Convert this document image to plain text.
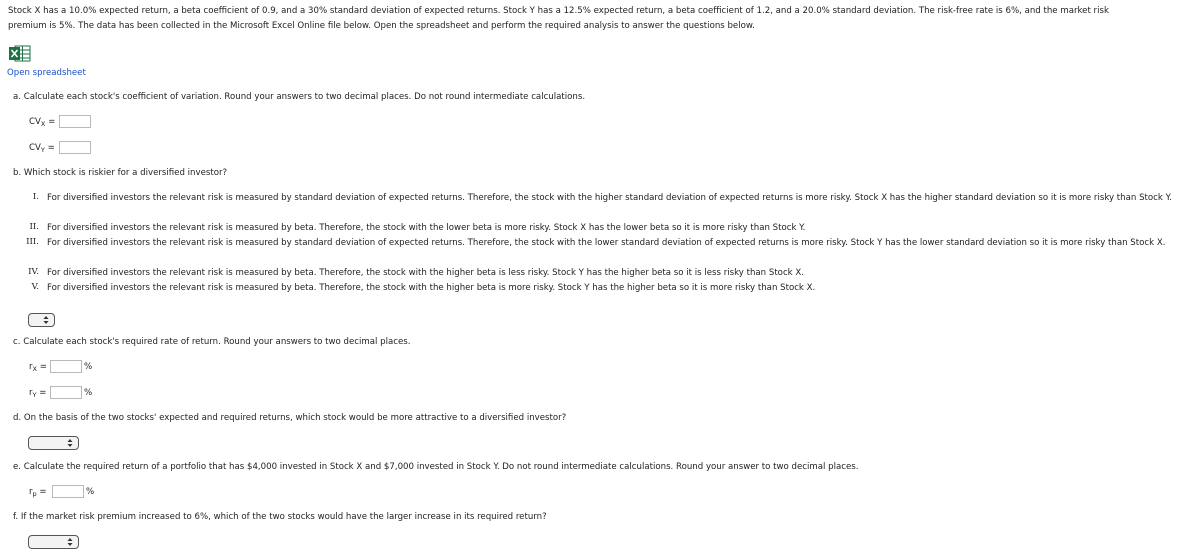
Stock X has a 10.0% expected return, a beta coefficient of 0.9, and a 30% standard deviation of expected returns. Stock Y has a 12.5% expected return, a beta coefficient of 1.2, and a 20.0% standard deviation. The risk-free rate is 6%, and the market risk
premium is 5%. The data has been collected in the Microsoft Excel Online file below. Open the spreadsheet and perform the required analysis to answer the questions below.
Open spreadsheet
a. Calculate each stock's coefficient of variation. Round your answers to two decimal places. Do not round intermediate calculations.
$CV_X$ =
$CV_Y$ =
b. Which stock is riskier for a diversified investor?
I. For diversified investors the relevant risk is measured by standard deviation of expected returns. Therefore, the stock with the higher standard deviation of expected returns is more risky. Stock X has the higher standard deviation so it is more risky than Stock Y.
II. For diversified investors the relevant risk is measured by beta. Therefore, the stock with the lower beta is more risky. Stock X has the lower beta so it is more risky than Stock Y.
III. For diversified investors the relevant risk is measured by standard deviation of expected returns. Therefore, the stock with the lower standard deviation of expected returns is more risky. Stock Y has the lower standard deviation so it is more risky than Stock X.
IV. For diversified investors the relevant risk is measured by beta. Therefore, the stock with the higher beta is less risky. Stock Y has the higher beta so it is less risky than Stock X.
V. For diversified investors the relevant risk is measured by beta. Therefore, the stock with the higher beta is more risky. Stock Y has the higher beta so it is more risky than Stock X.
c. Calculate each stock's required rate of return. Round your answers to two decimal places.
$r_X$ =	%
$r_Y$ =	%
d. On the basis of the two stocks' expected and required returns, which stock would be more attractive to a diversified investor?
e. Calculate the required return of a portfolio that has $4,000 invested in Stock X and $7,000 invested in Stock Y. Do not round intermediate calculations. Round your answer to two decimal places.
$r_p$ =	%
f. If the market risk premium increased to 6%, which of the two stocks would have the larger increase in its required return?
